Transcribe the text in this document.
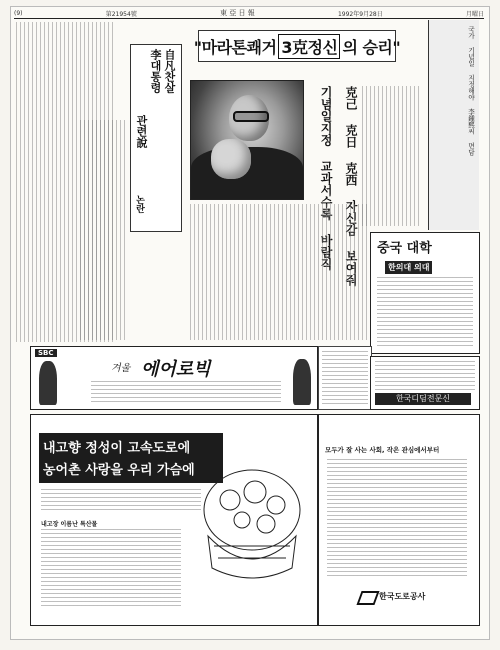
(9)	第21954號	東 亞 日 報	1992年9月28日	月曜日
自凡찬살
李대통령
관련說
논란
"마라톤쾌거 3克정신 의 승리"
克己 克日 克西 자신감 보여줘
기념일지정 교과서수록 바람직	국가 기념일 지정해야 李鍾熙씨 면담
중국 대학
한의대 의대
SBC
겨울 에어로빅
한국디딤전문신
내고향 정성이 고속도로에
농어촌 사랑을 우리 가슴에
내고장 이름난 특산물
모두가 잘 사는 사회, 작은 관심에서부터
한국도로공사
